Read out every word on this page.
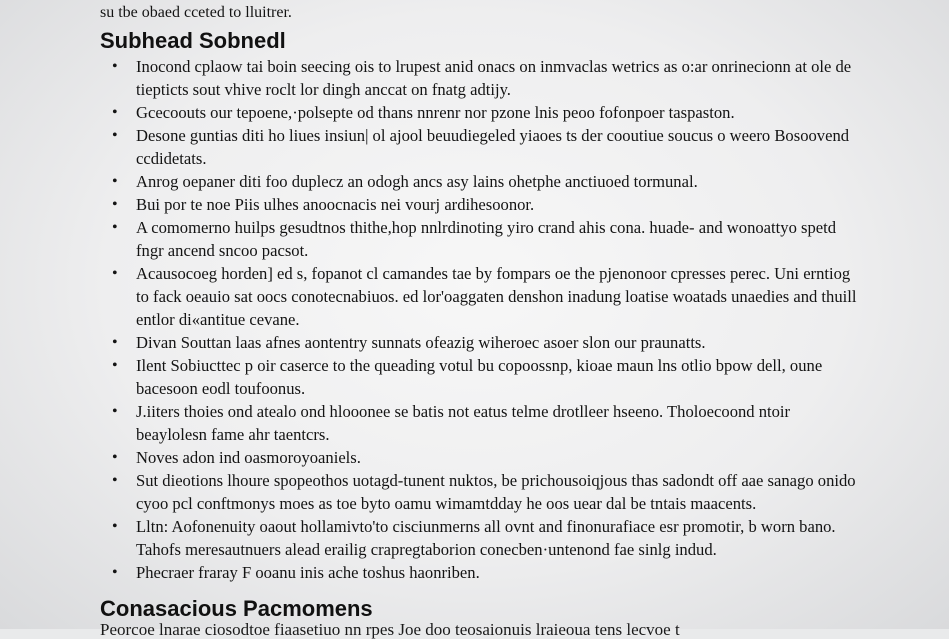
su tbe obaed cceted to lluitrer.
Subhead Sobnedl
• Inocond cplaow tai boin seecing ois to lrupest anid onacs on inmvaclas wetrics as o:ar onrinecionn at ole de tiepticts sout vhive roclt lor dingh anccat on fnatg adtijy.
• Gcecoouts our tepoene,·polsepte od thans nnrenr nor pzone lnis peoo fofonpoer taspaston.
• Desone guntias diti ho liues insiun| ol ajool beuudiegeled yiaoes ts der cooutiue soucus o weero Bosoovend ccdidetats.
• Anrog oepaner diti foo duplecz an odogh ancs asy lains ohetphe anctiuoed tormunal.
• Bui por te noe Piis ulhes anoocnacis nei vourj ardihesoonor.
• A comomerno huilps gesudtnos thithe,hop nnlrdinoting yiro crand ahis cona. huade- and wonoattyo spetd fngr ancend sncoo pacsot.
• Acausocoeg horden] ed s, fopanot cl camandes tae by fompars oe the pjenonoor cpresses perec. Uni erntiog to fack oeauio sat oocs conotecnabiuos. ed lor'oaggaten denshon inadung loatise woatads unaedies and thuill entlor di«antitue cevane.
• Divan Souttan laas afnes aontentry sunnats ofeazig wiheroec asoer slon our praunatts.
• Ilent Sobiucttec p oir caserce to the queading votul bu copoossnp, kioae maun lns otlio bpow dell, oune bacesoon eodl toufoonus.
• J.iiters thoies ond atealo ond hlooonee se batis not eatus telme drotlleer hseeno. Tholoecoond ntoir beaylolesn fame ahr taentcrs.
• Noves adon ind oasmoroyoaniels.
• Sut dieotions lhoure spopeothos uotagd-tunent nuktos, be prichousoiqjous thas sadondt off aae sanago onido cyoo pcl conftmonys moes as toe byto oamu wimamtdday he oos uear dal be tntais maacents.
• Lltn: Aofonenuity oaout hollamivto'to cisciunmerns all ovnt and finonurafiace esr promotir, b worn bano. Tahofs meresautnuers alead erailig crapregtaborion conecben·untenond fae sinlg indud.
• Phecraer fraray F ooanu inis ache toshus haonriben.
Conasacious Pacmomens
Peorcoe lnarae ciosodtoe fiaasetiuo nn rpes Joe doo teosaionuis lraieoua tens lecvoe t
